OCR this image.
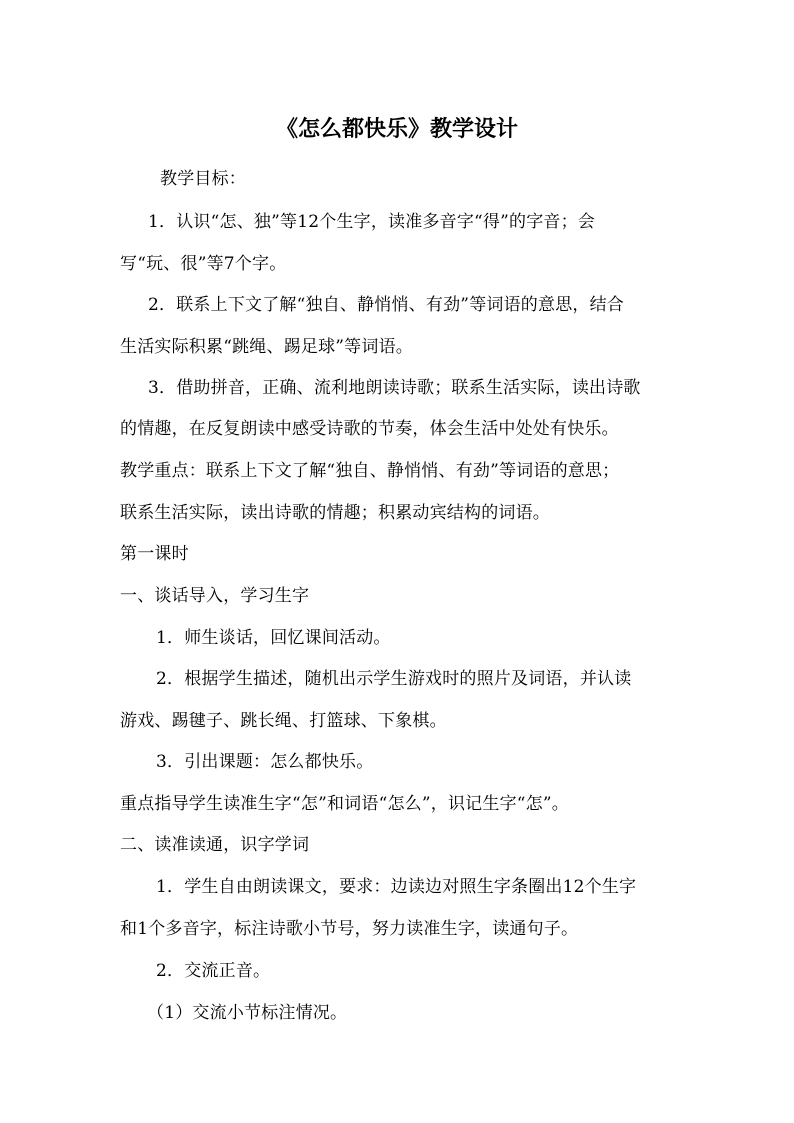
《怎么都快乐》教学设计
教学目标：
1．认识“怎、独”等12个生字，读准多音字“得”的字音；会
写“玩、很”等7个字。
2．联系上下文了解“独自、静悄悄、有劲”等词语的意思，结合
生活实际积累“跳绳、踢足球”等词语。
3．借助拼音，正确、流利地朗读诗歌；联系生活实际，读出诗歌
的情趣，在反复朗读中感受诗歌的节奏，体会生活中处处有快乐。
教学重点：联系上下文了解“独自、静悄悄、有劲”等词语的意思；
联系生活实际，读出诗歌的情趣；积累动宾结构的词语。
第一课时
一、谈话导入，学习生字
1．师生谈话，回忆课间活动。
2．根据学生描述，随机出示学生游戏时的照片及词语，并认读
游戏、踢毽子、跳长绳、打篮球、下象棋。
3．引出课题：怎么都快乐。
重点指导学生读准生字“怎”和词语“怎么”，识记生字“怎”。
二、读准读通，识字学词
1．学生自由朗读课文，要求：边读边对照生字条圈出12个生字
和1个多音字，标注诗歌小节号，努力读准生字，读通句子。
2．交流正音。
（1）交流小节标注情况。
